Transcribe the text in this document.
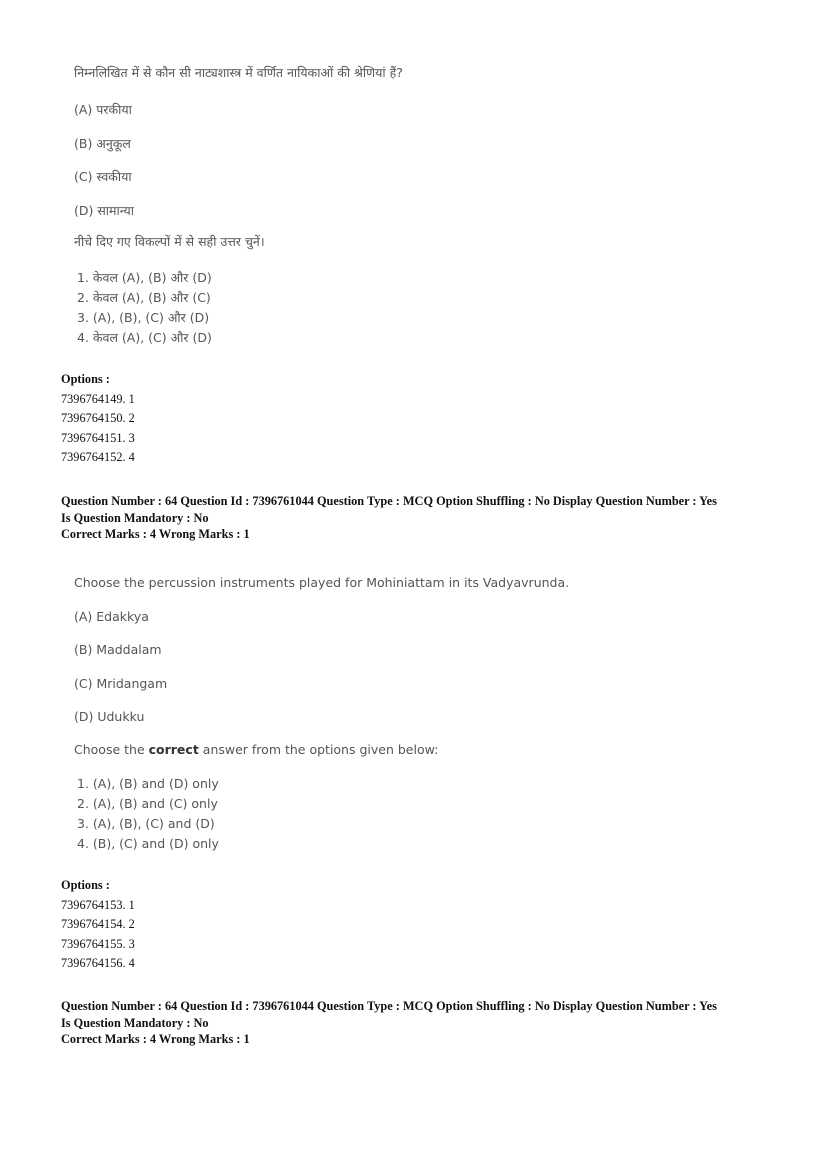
निम्नलिखित में से कौन सी नाट्यशास्त्र में वर्णित नायिकाओं की श्रेणियां हैं?
(A) परकीया
(B) अनुकूल
(C) स्वकीया
(D) सामान्या
नीचे दिए गए विकल्पों में से सही उत्तर चुनें।
1. केवल (A), (B) और (D)
2. केवल (A), (B) और (C)
3. (A), (B), (C) और (D)
4. केवल (A), (C) और (D)
Options :
7396764149. 1
7396764150. 2
7396764151. 3
7396764152. 4
Question Number : 64 Question Id : 7396761044 Question Type : MCQ Option Shuffling : No Display Question Number : Yes
Is Question Mandatory : No
Correct Marks : 4 Wrong Marks : 1
Choose the percussion instruments played for Mohiniattam in its Vadyavrunda.
(A) Edakkya
(B) Maddalam
(C) Mridangam
(D) Udukku
Choose the correct answer from the options given below:
1. (A), (B) and (D) only
2. (A), (B) and (C) only
3. (A), (B), (C) and (D)
4. (B), (C) and (D) only
Options :
7396764153. 1
7396764154. 2
7396764155. 3
7396764156. 4
Question Number : 64 Question Id : 7396761044 Question Type : MCQ Option Shuffling : No Display Question Number : Yes
Is Question Mandatory : No
Correct Marks : 4 Wrong Marks : 1
